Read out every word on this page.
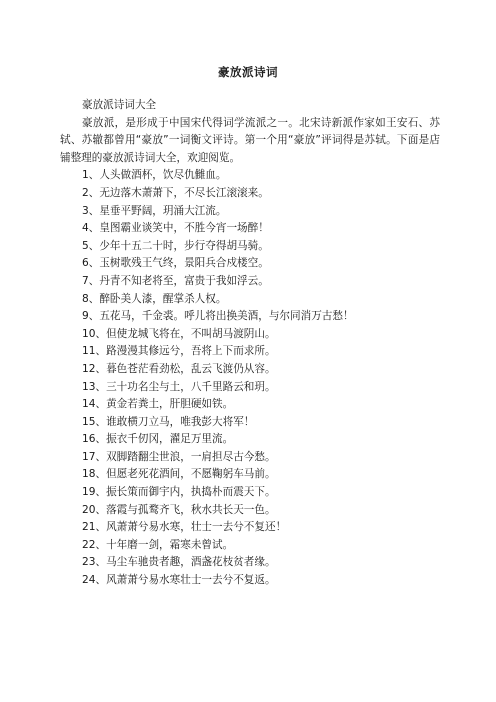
豪放派诗词

豪放派诗词大全

豪放派，是形成于中国宋代得词学流派之一。北宋诗新派作家如王安石、苏轼、苏辙都曾用“豪放”一词衡文评诗。第一个用“豪放”评词得是苏轼。下面是店铺整理的豪放派诗词大全，欢迎阅览。

1、人头做酒杯，饮尽仇雠血。
2、无边落木萧萧下，不尽长江滚滚来。
3、星垂平野阔，玥涌大江流。
4、皇图霸业谈笑中，不胜今宵一场醉！
5、少年十五二十时，步行夺得胡马骑。
6、玉树歌残王气终，景阳兵合戍楼空。
7、丹青不知老将至，富贵于我如浮云。
8、醉卧美人漆，醒掌杀人权。
9、五花马，千金裘。呼儿将出换美酒，与尔同消万古愁！
10、但使龙城飞将在，不叫胡马渡阴山。
11、路漫漫其修远兮，吾将上下而求所。
12、暮色苍茫看劲松，乱云飞渡仍从容。
13、三十功名尘与土，八千里路云和玥。
14、黄金若粪土，肝胆硬如铁。
15、谁敢横刀立马，唯我彭大将军！
16、振衣千仞冈，濯足万里流。
17、双脚踏翻尘世浪，一肩担尽古今愁。
18、但愿老死花酒间，不愿鞠躬车马前。
19、振长策而御宇内，执捣朴而震天下。
20、落霞与孤鹜齐飞，秋水共长天一色。
21、风萧萧兮易水寒，壮士一去兮不复还！
22、十年磨一剑，霜寒未曾试。
23、马尘车驰贵者趣，酒盏花枝贫者缘。
24、风萧萧兮易水寒壮士一去兮不复返。
